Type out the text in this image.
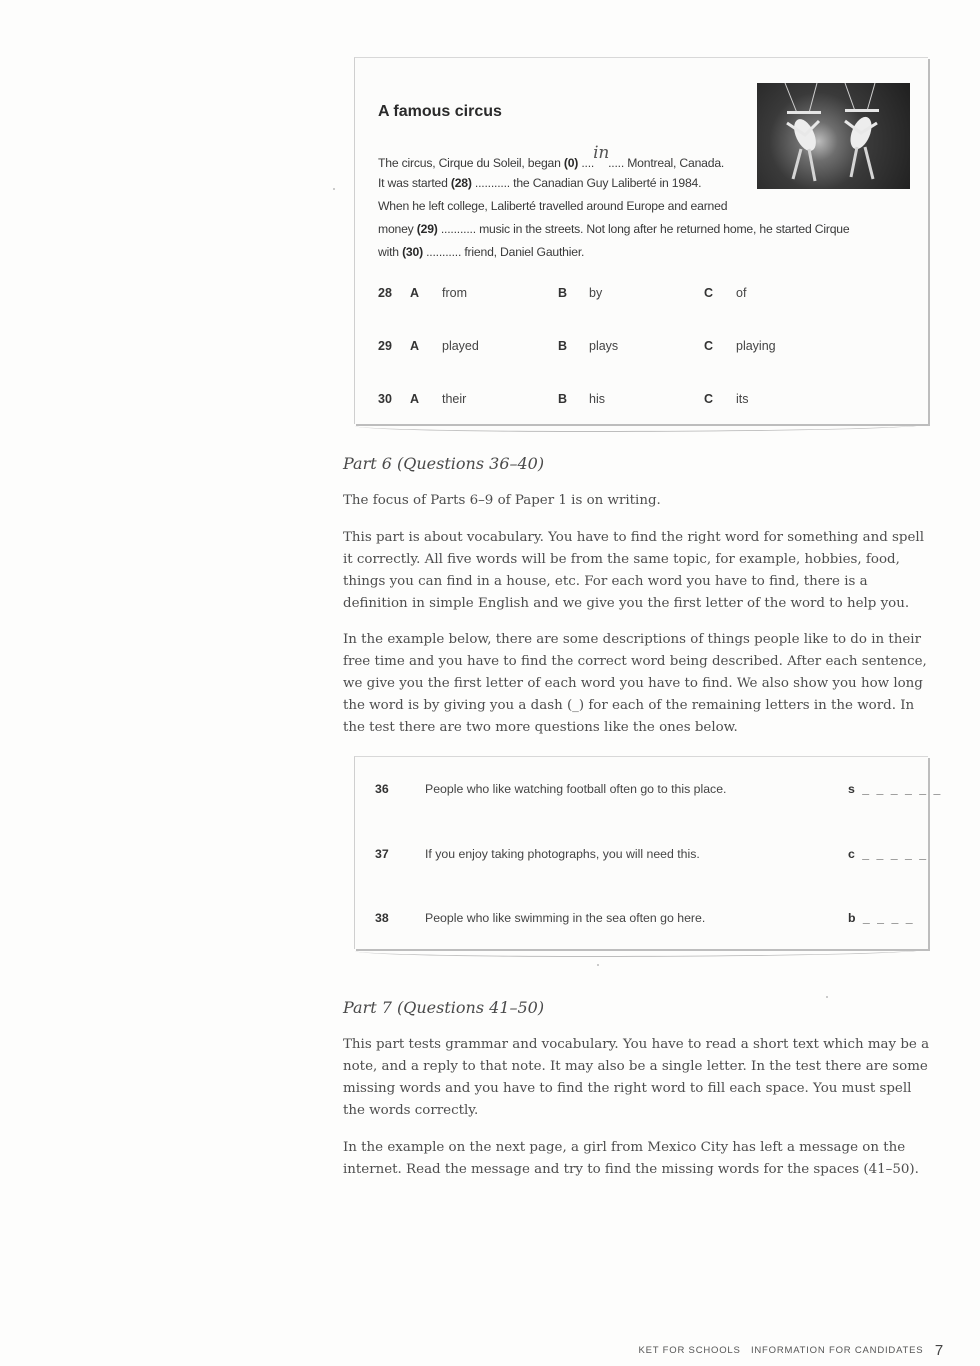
A famous circus
The circus, Cirque du Soleil, began (0) ....in..... Montreal, Canada.
It was started (28) ........... the Canadian Guy Laliberté in 1984.
When he left college, Laliberté travelled around Europe and earned
money (29) ........... music in the streets. Not long after he returned home, he started Cirque
with (30) ........... friend, Daniel Gauthier.
28 A from	B by	C of
29 A played	B plays	C playing
30 A their	B his	C its
Part 6 (Questions 36–40)

The focus of Parts 6–9 of Paper 1 is on writing.

This part is about vocabulary. You have to find the right word for something and spell it correctly. All five words will be from the same topic, for example, hobbies, food, things you can find in a house, etc. For each word you have to find, there is a definition in simple English and we give you the first letter of the word to help you.

In the example below, there are some descriptions of things people like to do in their free time and you have to find the correct word being described. After each sentence, we give you the first letter of each word you have to find. We also show you how long the word is by giving you a dash (_) for each of the remaining letters in the word. In the test there are two more questions like the ones below.

36	People who like watching football often go to this place.	s _ _ _ _ _ _
37	If you enjoy taking photographs, you will need this.	c _ _ _ _ _
38	People who like swimming in the sea often go here.	b _ _ _ _
Part 7 (Questions 41–50)

This part tests grammar and vocabulary. You have to read a short text which may be a note, and a reply to that note. It may also be a single letter. In the test there are some missing words and you have to find the right word to fill each space. You must spell the words correctly.

In the example on the next page, a girl from Mexico City has left a message on the internet. Read the message and try to find the missing words for the spaces (41–50).

KET FOR SCHOOLS INFORMATION FOR CANDIDATES 7
